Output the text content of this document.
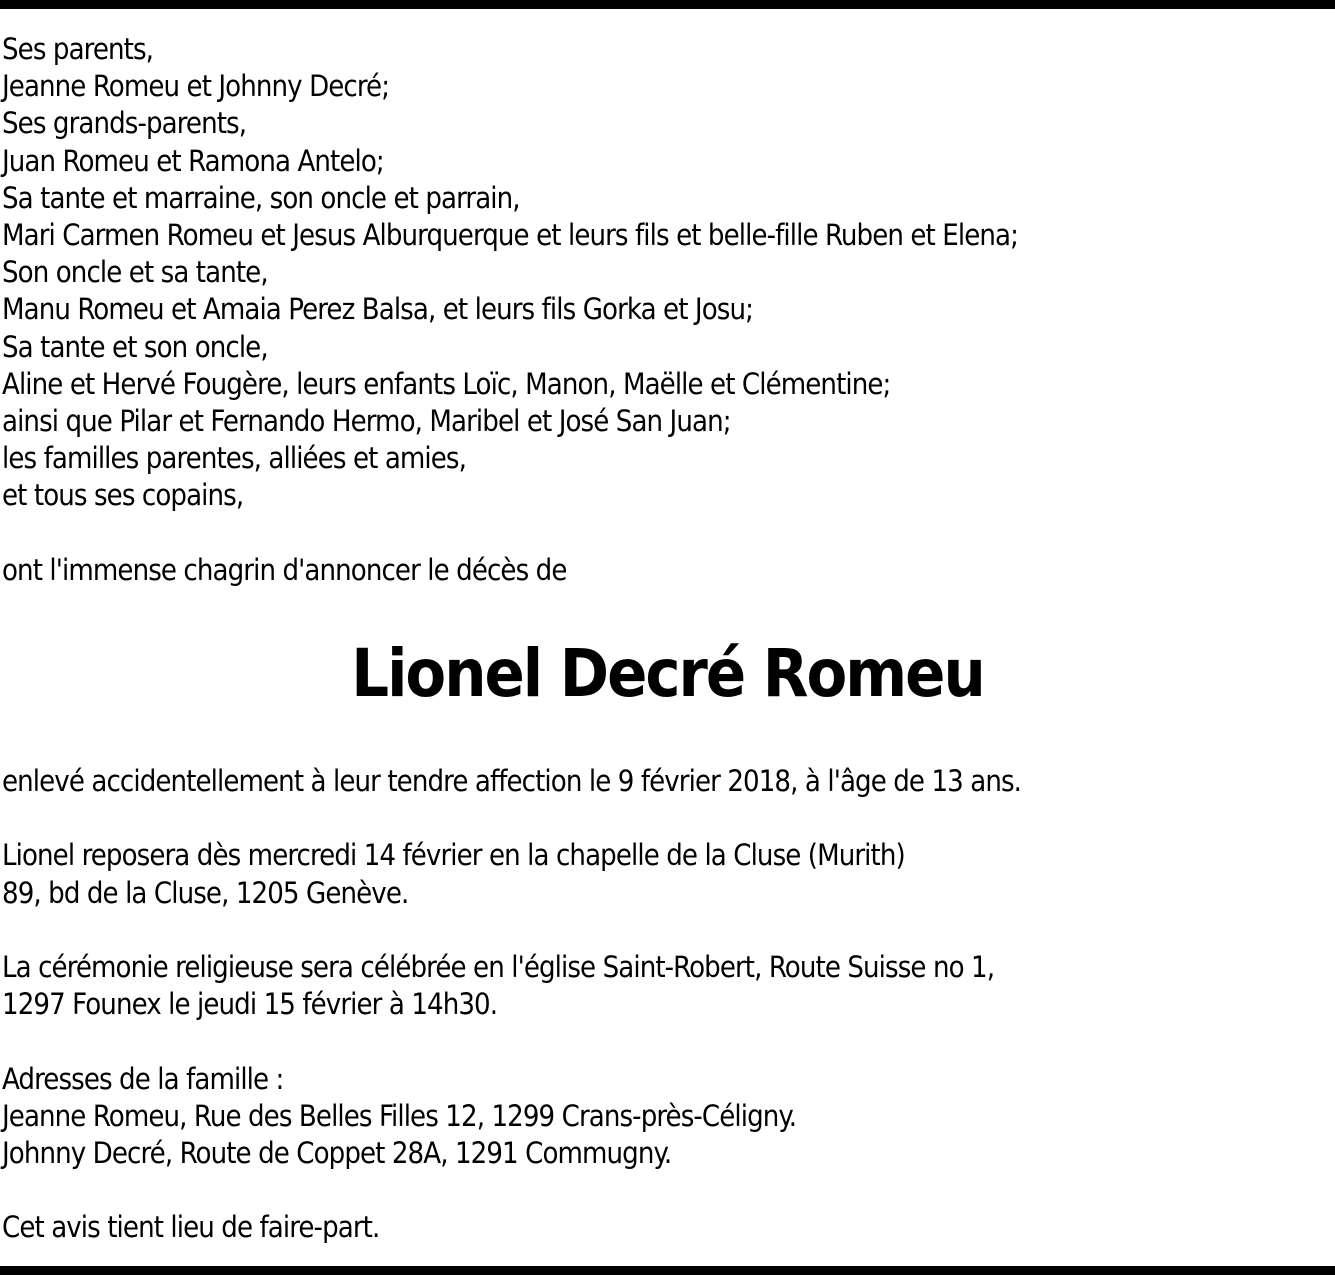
Ses parents,
Jeanne Romeu et Johnny Decré;
Ses grands-parents,
Juan Romeu et Ramona Antelo;
Sa tante et marraine, son oncle et parrain,
Mari Carmen Romeu et Jesus Alburquerque et leurs fils et belle-fille Ruben et Elena;
Son oncle et sa tante,
Manu Romeu et Amaia Perez Balsa, et leurs fils Gorka et Josu;
Sa tante et son oncle,
Aline et Hervé Fougère, leurs enfants Loïc, Manon, Maëlle et Clémentine;
ainsi que Pilar et Fernando Hermo, Maribel et José San Juan;
les familles parentes, alliées et amies,
et tous ses copains,
ont l'immense chagrin d'annoncer le décès de
Lionel Decré Romeu
enlevé accidentellement à leur tendre affection le 9 février 2018, à l'âge de 13 ans.
Lionel reposera dès mercredi 14 février en la chapelle de la Cluse (Murith)
89, bd de la Cluse, 1205 Genève.
La cérémonie religieuse sera célébrée en l'église Saint-Robert, Route Suisse no 1,
1297 Founex le jeudi 15 février à 14h30.
Adresses de la famille :
Jeanne Romeu, Rue des Belles Filles 12, 1299 Crans-près-Céligny.
Johnny Decré, Route de Coppet 28A, 1291 Commugny.
Cet avis tient lieu de faire-part.
